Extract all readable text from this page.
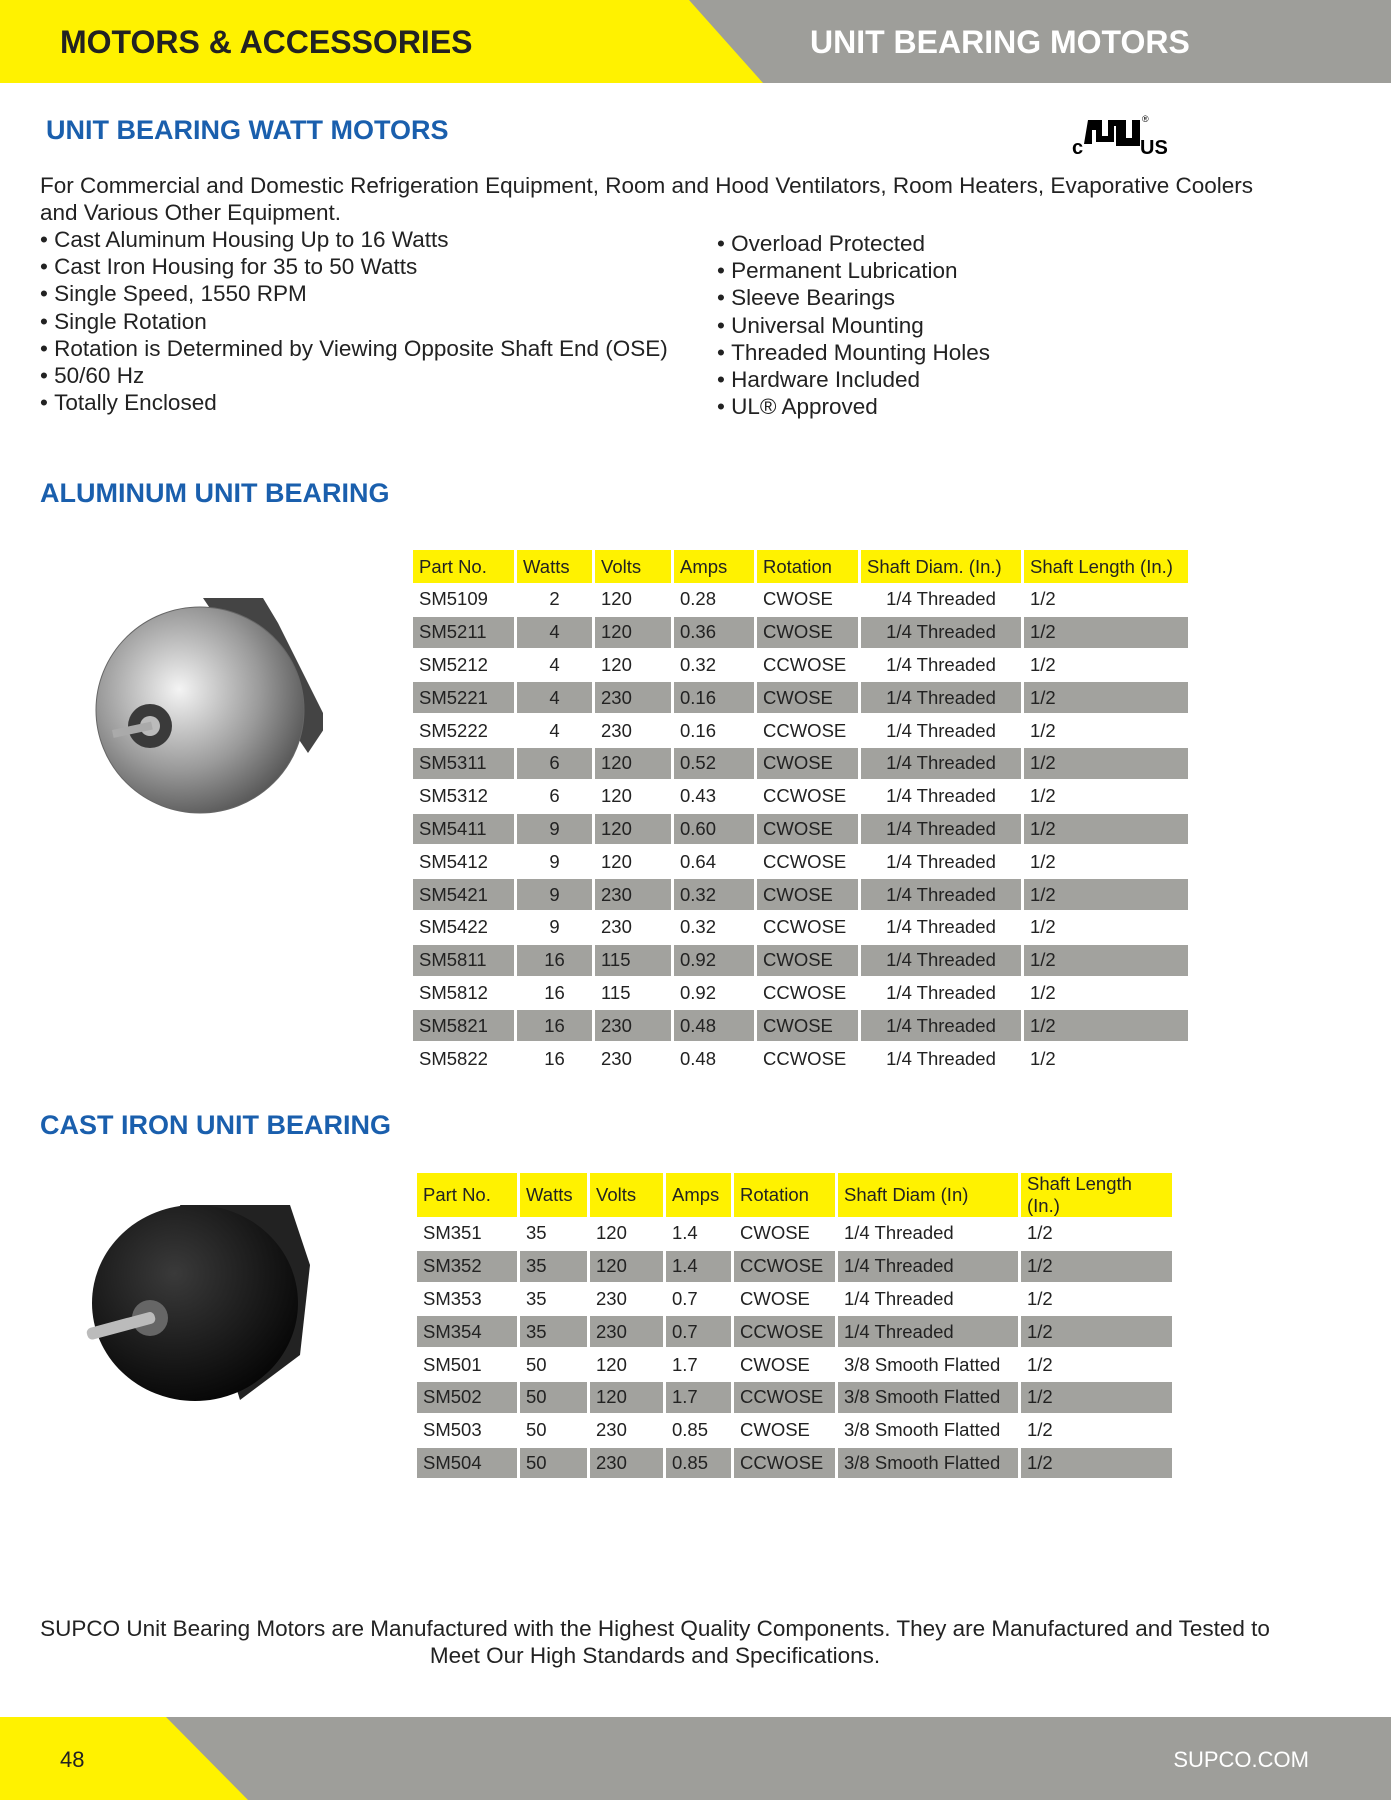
MOTORS & ACCESSORIES	UNIT BEARING MOTORS
UNIT BEARING WATT MOTORS
c	US
®
For Commercial and Domestic Refrigeration Equipment, Room and Hood Ventilators, Room Heaters, Evaporative Coolers and Various Other Equipment.
• Cast Aluminum Housing Up to 16 Watts
• Cast Iron Housing for 35 to 50 Watts
• Single Speed, 1550 RPM
• Single Rotation
• Rotation is Determined by Viewing Opposite Shaft End (OSE)
• 50/60 Hz
• Totally Enclosed
• Overload Protected
• Permanent Lubrication
• Sleeve Bearings
• Universal Mounting
• Threaded Mounting Holes
• Hardware Included
• UL® Approved
ALUMINUM UNIT BEARING
Part No.	Watts	Volts	Amps	Rotation	Shaft Diam. (In.)	Shaft Length (In.)
SM5109	2	120	0.28	CWOSE	1/4 Threaded	1/2
SM5211	4	120	0.36	CWOSE	1/4 Threaded	1/2
SM5212	4	120	0.32	CCWOSE	1/4 Threaded	1/2
SM5221	4	230	0.16	CWOSE	1/4 Threaded	1/2
SM5222	4	230	0.16	CCWOSE	1/4 Threaded	1/2
SM5311	6	120	0.52	CWOSE	1/4 Threaded	1/2
SM5312	6	120	0.43	CCWOSE	1/4 Threaded	1/2
SM5411	9	120	0.60	CWOSE	1/4 Threaded	1/2
SM5412	9	120	0.64	CCWOSE	1/4 Threaded	1/2
SM5421	9	230	0.32	CWOSE	1/4 Threaded	1/2
SM5422	9	230	0.32	CCWOSE	1/4 Threaded	1/2
SM5811	16	115	0.92	CWOSE	1/4 Threaded	1/2
SM5812	16	115	0.92	CCWOSE	1/4 Threaded	1/2
SM5821	16	230	0.48	CWOSE	1/4 Threaded	1/2
SM5822	16	230	0.48	CCWOSE	1/4 Threaded	1/2
CAST IRON UNIT BEARING
Part No.	Watts	Volts	Amps	Rotation	Shaft Diam (In)	Shaft Length (In.)
SM351	35	120	1.4	CWOSE	1/4 Threaded	1/2
SM352	35	120	1.4	CCWOSE	1/4 Threaded	1/2
SM353	35	230	0.7	CWOSE	1/4 Threaded	1/2
SM354	35	230	0.7	CCWOSE	1/4 Threaded	1/2
SM501	50	120	1.7	CWOSE	3/8 Smooth Flatted	1/2
SM502	50	120	1.7	CCWOSE	3/8 Smooth Flatted	1/2
SM503	50	230	0.85	CWOSE	3/8 Smooth Flatted	1/2
SM504	50	230	0.85	CCWOSE	3/8 Smooth Flatted	1/2
SUPCO Unit Bearing Motors are Manufactured with the Highest Quality Components. They are Manufactured and Tested to Meet Our High Standards and Specifications.
48	SUPCO.COM
